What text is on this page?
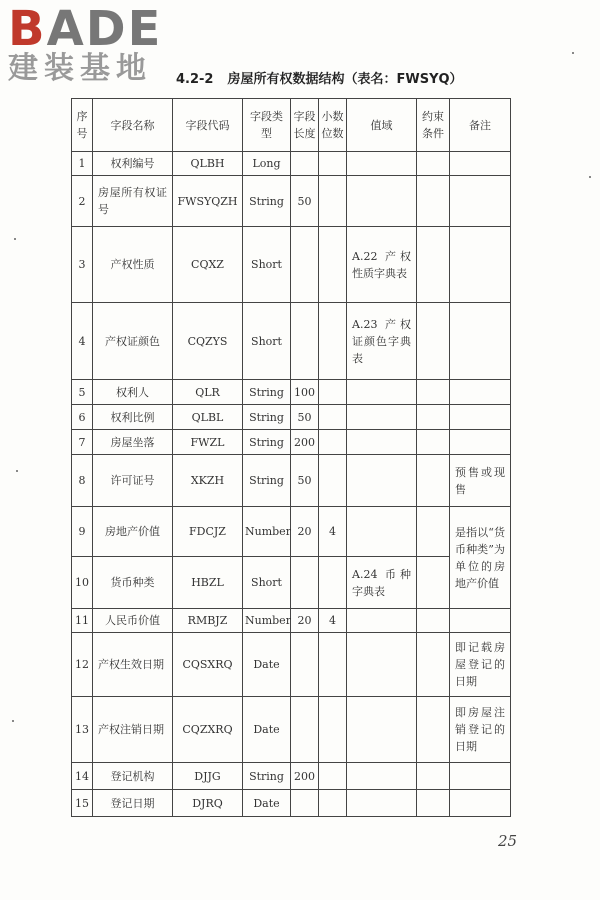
BADE
建装基地	4.2-2 房屋所有权数据结构（表名：FWSYQ）
序号	字段名称	字段代码	字段类型	字段长度	小数位数	值域	约束条件	备注
1	权利编号	QLBH	Long					
2	房屋所有权证号	FWSYQZH	String	50				
3	产权性质	CQXZ	Short			A.22 产权性质字典表		
4	产权证颜色	CQZYS	Short			A.23 产权证颜色字典表		
5	权利人	QLR	String	100				
6	权利比例	QLBL	String	50				
7	房屋坐落	FWZL	String	200				
8	许可证号	XKZH	String	50				预售或现售
9	房地产价值	FDCJZ	Number	20	4			是指以“货币种类”为单位的房地产价值
10	货币种类	HBZL	Short			A.24 币种字典表		
11	人民币价值	RMBJZ	Number	20	4			
12	产权生效日期	CQSXRQ	Date					即记载房屋登记的日期
13	产权注销日期	CQZXRQ	Date					即房屋注销登记的日期
14	登记机构	DJJG	String	200				
15	登记日期	DJRQ	Date					
25
